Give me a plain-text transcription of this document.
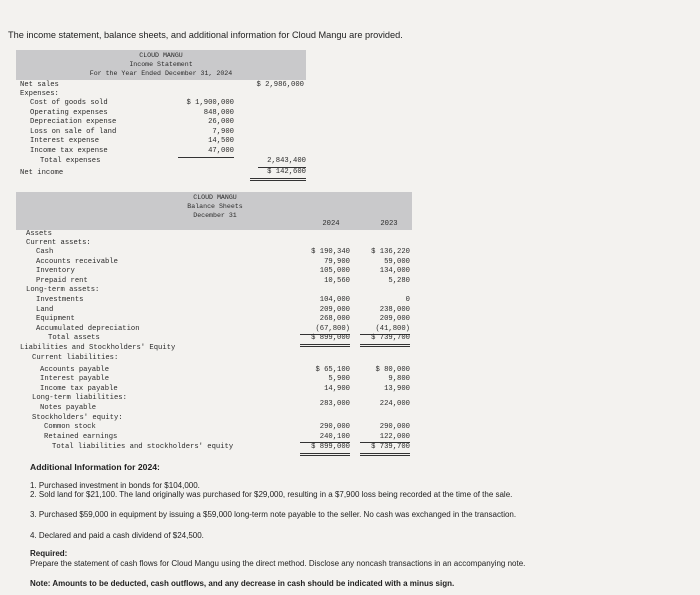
The income statement, balance sheets, and additional information for Cloud Mangu are provided.
CLOUD MANGU
Income Statement
For the Year Ended December 31, 2024
Net sales	$ 2,986,000
Expenses:
Cost of goods sold	$ 1,900,000
Operating expenses	848,000
Depreciation expense	26,000
Loss on sale of land	7,900
Interest expense	14,500
Income tax expense	47,000
Total expenses	2,843,400
Net income	$ 142,600
CLOUD MANGU
Balance Sheets
December 31
2024	2023
Assets
Current assets:
Cash	$ 190,340	$ 136,220
Accounts receivable	79,900	59,000
Inventory	105,000	134,000
Prepaid rent	10,560	5,280
Long-term assets:
Investments	104,000	0
Land	209,000	238,000
Equipment	268,000	209,000
Accumulated depreciation	(67,800)	(41,800)
Total assets	$ 899,000	$ 739,700
Liabilities and Stockholders' Equity
Current liabilities:
Accounts payable	$ 65,100	$ 80,000
Interest payable	5,900	9,800
Income tax payable	14,900	13,900
Long-term liabilities:
Notes payable	283,000	224,000
Stockholders' equity:
Common stock	290,000	290,000
Retained earnings	240,100	122,000
Total liabilities and stockholders' equity	$ 899,000	$ 739,700
Additional Information for 2024:
1. Purchased investment in bonds for $104,000.
2. Sold land for $21,100. The land originally was purchased for $29,000, resulting in a $7,900 loss being recorded at the time of the sale.
3. Purchased $59,000 in equipment by issuing a $59,000 long-term note payable to the seller. No cash was exchanged in the transaction.
4. Declared and paid a cash dividend of $24,500.
Required:
Prepare the statement of cash flows for Cloud Mangu using the direct method. Disclose any noncash transactions in an accompanying note.
Note: Amounts to be deducted, cash outflows, and any decrease in cash should be indicated with a minus sign.
